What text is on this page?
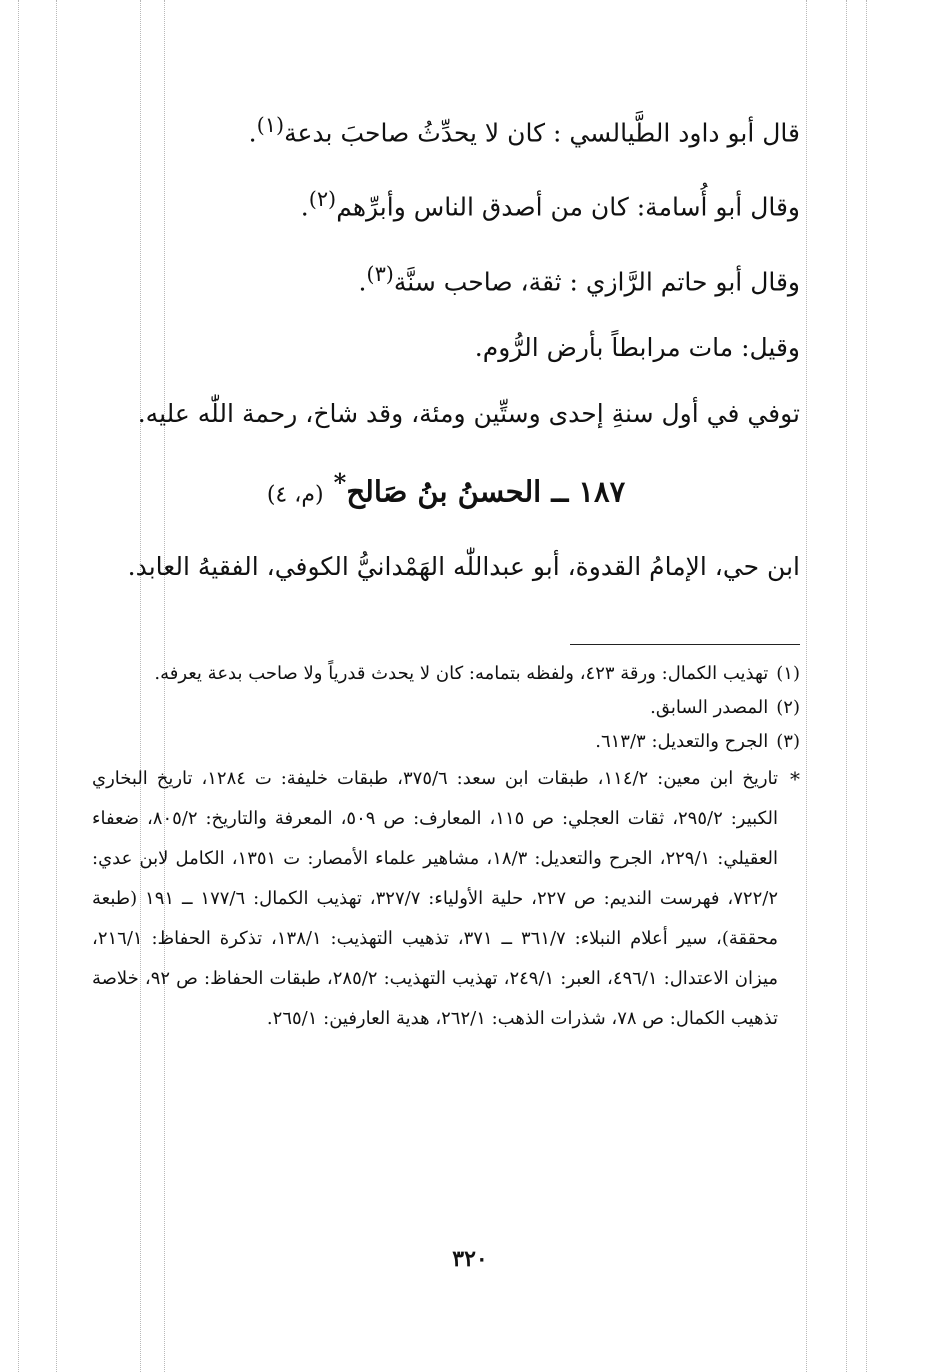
قال أبو داود الطَّيالسي : كان لا يحدِّثُ صاحبَ بدعة$^{(١)}$.

وقال أبو أُسامة: كان من أصدق الناس وأبرِّهم$^{(٢)}$.

وقال أبو حاتم الرَّازي : ثقة، صاحب سنَّة$^{(٣)}$.

وقيل: مات مرابطاً بأرض الرُّوم.

توفي في أول سنةِ إحدى وستِّين ومئة، وقد شاخ، رحمة اللّٰه عليه.

١٨٧ ــ الحسنُ بنُ صَالح* (م، ٤)

ابن حي، الإمامُ القدوة، أبو عبداللّٰه الهَمْدانيُّ الكوفي، الفقيهُ العابد.

(١)تهذيب الكمال: ورقة ٤٢٣، ولفظه بتمامه: كان لا يحدث قدرياً ولا صاحب بدعة يعرفه.

(٢)المصدر السابق.

(٣)الجرح والتعديل: ٦١٣/٣.

*
تاريخ ابن معين: ١١٤/٢، طبقات ابن سعد: ٣٧٥/٦، طبقات خليفة: ت ١٢٨٤، تاريخ البخاري الكبير: ٢٩٥/٢، ثقات العجلي: ص ١١٥، المعارف: ص ٥٠٩، المعرفة والتاريخ: ٨٠٥/٢، ضعفاء العقيلي: ٢٢٩/١، الجرح والتعديل: ١٨/٣، مشاهير علماء الأمصار: ت ١٣٥١، الكامل لابن عدي: ٧٢٢/٢، فهرست النديم: ص ٢٢٧، حلية الأولياء: ٣٢٧/٧، تهذيب الكمال: ١٧٧/٦ ــ ١٩١ (طبعة محققة)، سير أعلام النبلاء: ٣٦١/٧ ــ ٣٧١، تذهيب التهذيب: ١٣٨/١، تذكرة الحفاظ: ٢١٦/١، ميزان الاعتدال: ٤٩٦/١، العبر: ٢٤٩/١، تهذيب التهذيب: ٢٨٥/٢، طبقات الحفاظ: ص ٩٢، خلاصة تذهيب الكمال: ص ٧٨، شذرات الذهب: ٢٦٢/١، هدية العارفين: ٢٦٥/١.

٣٢٠
